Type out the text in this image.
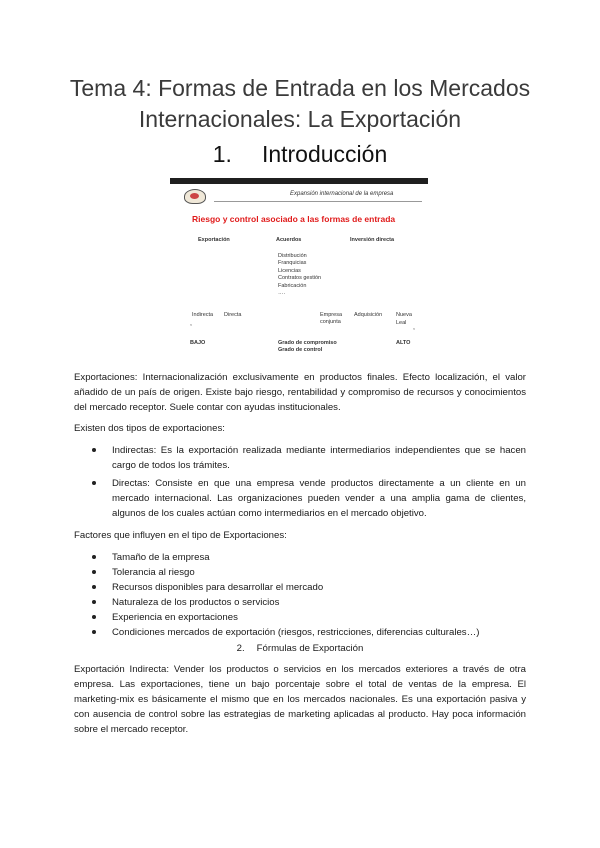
Tema 4: Formas de Entrada en los Mercados Internacionales: La Exportación
1. Introducción
Expansión internacional de la empresa
Riesgo y control asociado a las formas de entrada
Exportación	Acuerdos	Inversión directa
Distribución
Franquicias
Licencias
Contratos gestión
Fabricación
….
Indirecta Directa
,
Empresa conjunta
Adquisición	Nueva
Leal
,
BAJO	Grado de compromiso
Grado de control
ALTO
Exportaciones: Internacionalización exclusivamente en productos finales. Efecto localización, el valor añadido de un país de origen. Existe bajo riesgo, rentabilidad y compromiso de recursos y conocimientos del mercado receptor. Suele contar con ayudas institucionales.
Existen dos tipos de exportaciones:
Indirectas: Es la exportación realizada mediante intermediarios independientes que se hacen cargo de todos los trámites.
Directas: Consiste en que una empresa vende productos directamente a un cliente en un mercado internacional. Las organizaciones pueden vender a una amplia gama de clientes, algunos de los cuales actúan como intermediarios en el mercado objetivo.
Factores que influyen en el tipo de Exportaciones:
Tamaño de la empresa
Tolerancia al riesgo
Recursos disponibles para desarrollar el mercado
Naturaleza de los productos o servicios
Experiencia en exportaciones
Condiciones mercados de exportación (riesgos, restricciones, diferencias culturales…)
2. Fórmulas de Exportación
Exportación Indirecta: Vender los productos o servicios en los mercados exteriores a través de otra empresa. Las exportaciones, tiene un bajo porcentaje sobre el total de ventas de la empresa. El marketing-mix es básicamente el mismo que en los mercados nacionales. Es una exportación pasiva y con ausencia de control sobre las estrategias de marketing aplicadas al producto. Hay poca información sobre el mercado receptor.
